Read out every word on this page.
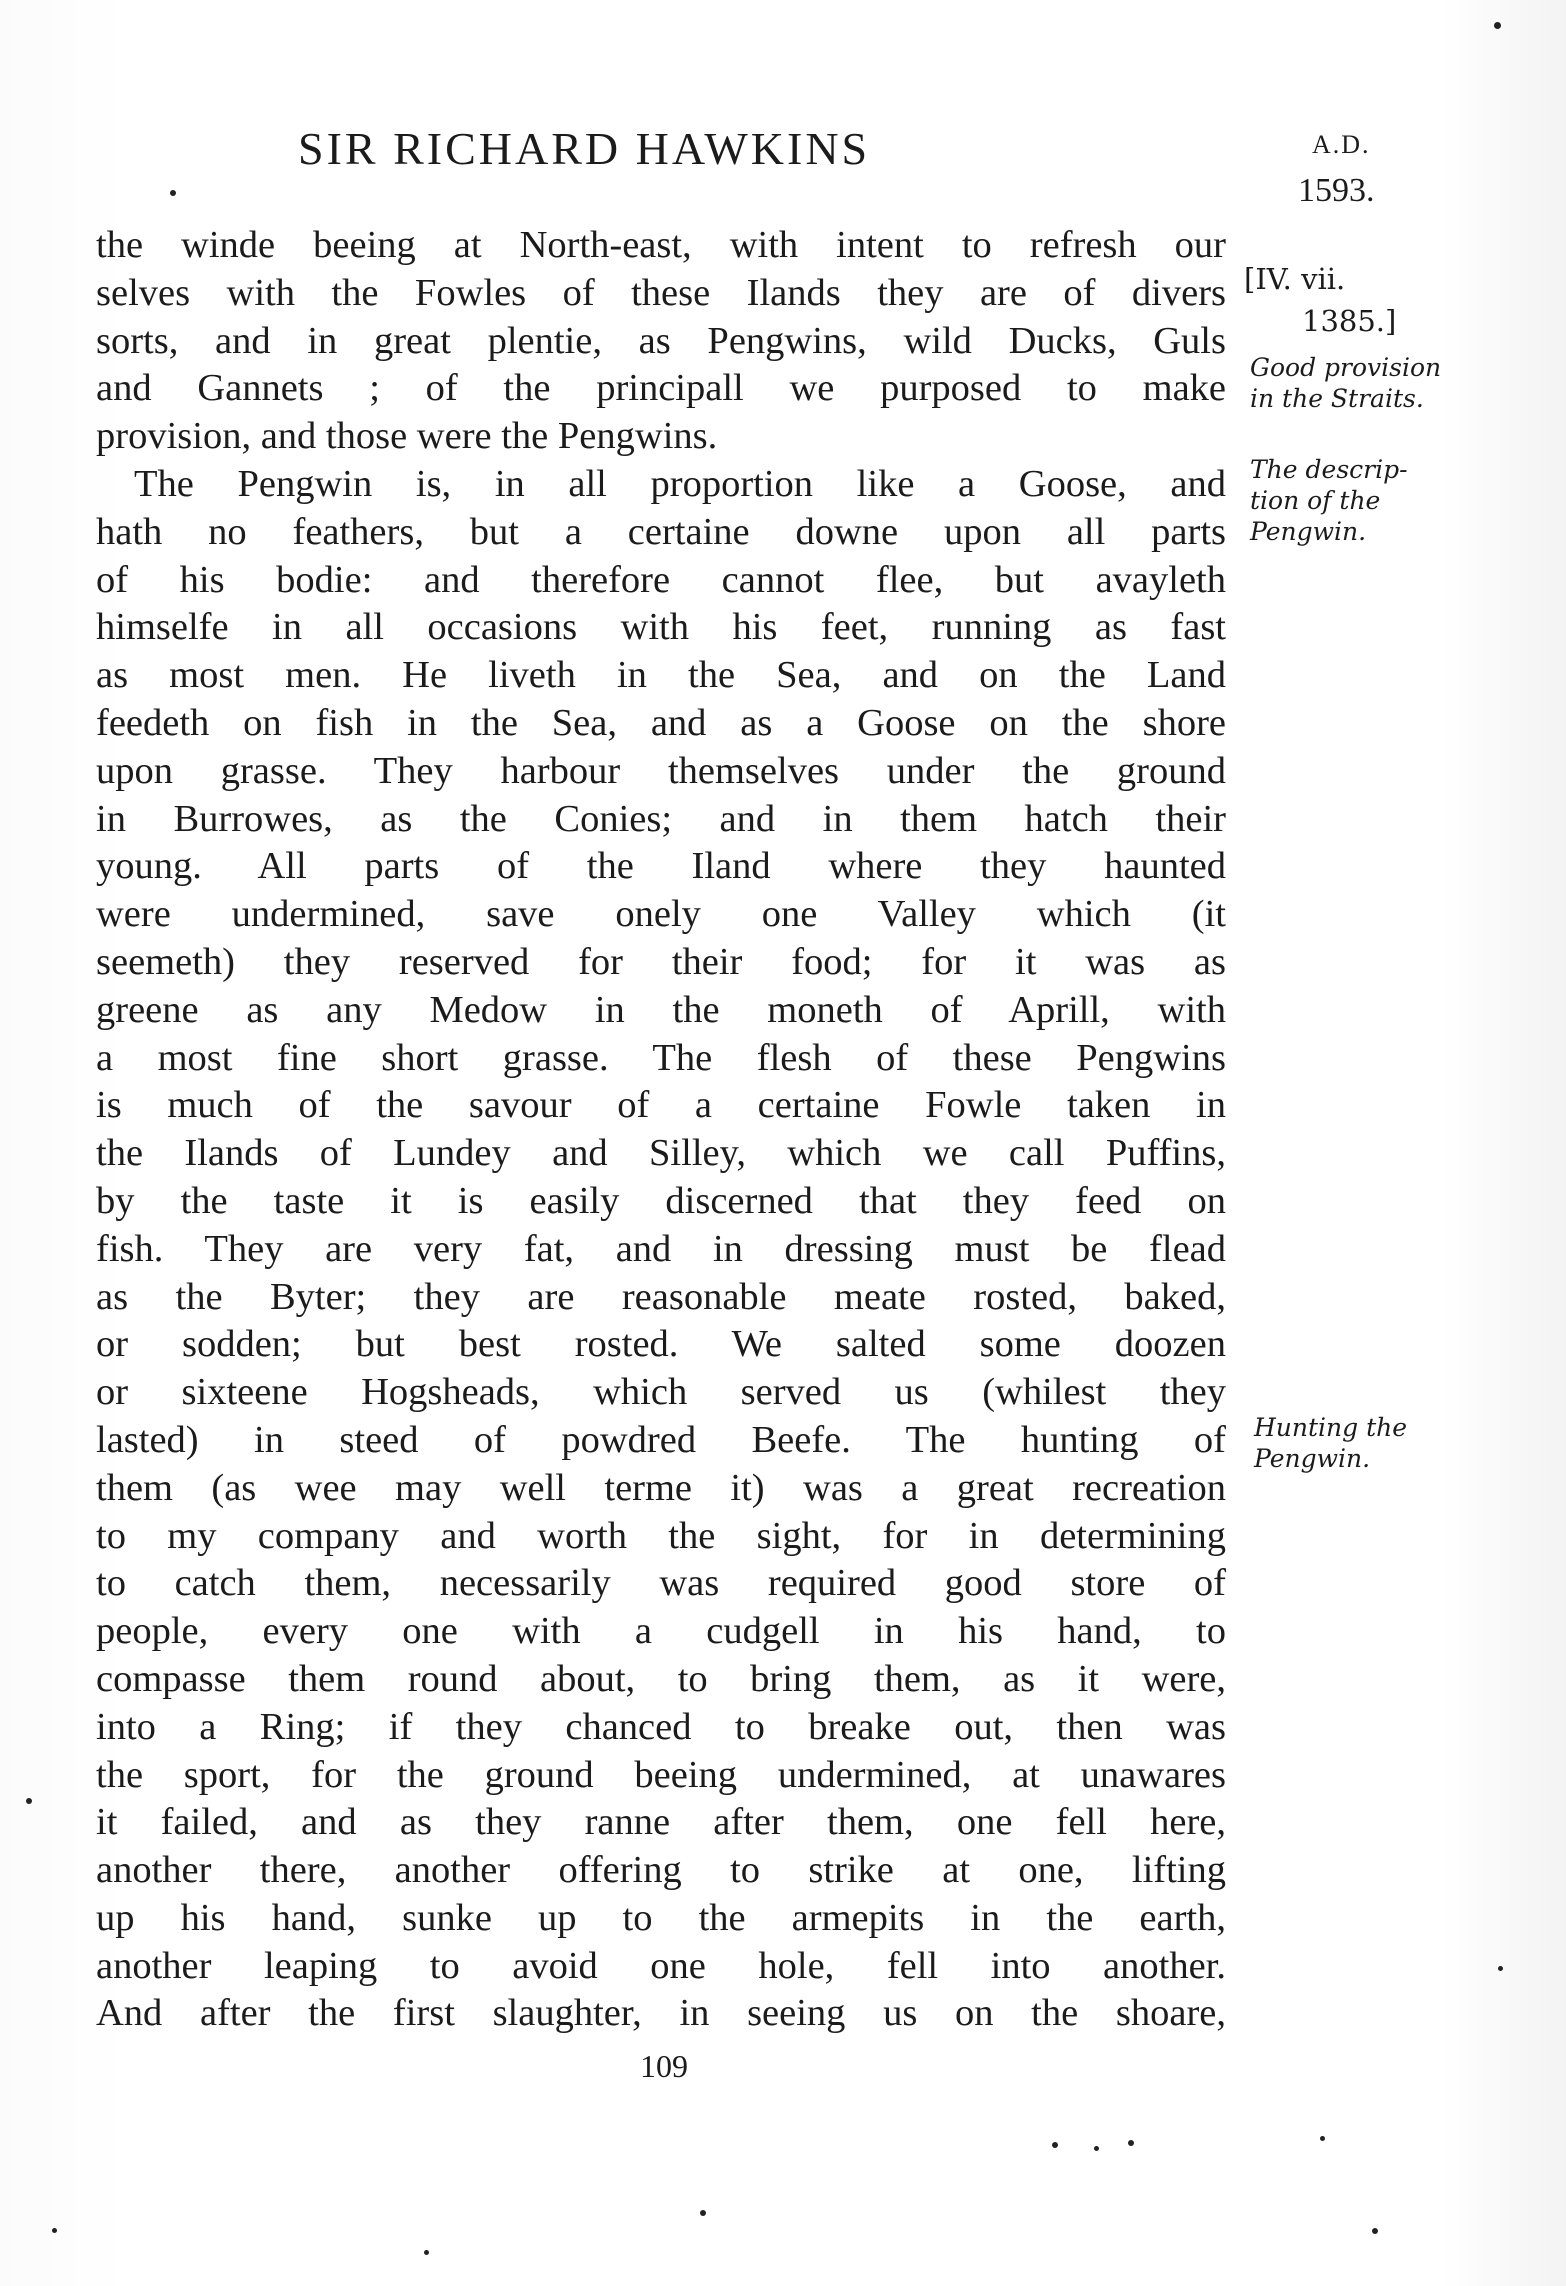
SIR RICHARD HAWKINS	A.D.
1593.
the winde beeing at North-east, with intent to refresh our
selves with the Fowles of these Ilands they are of divers
sorts, and in great plentie, as Pengwins, wild Ducks, Guls
and Gannets ; of the principall we purposed to make
provision, and those were the Pengwins.
The Pengwin is, in all proportion like a Goose, and
hath no feathers, but a certaine downe upon all parts
of his bodie: and therefore cannot flee, but avayleth
himselfe in all occasions with his feet, running as fast
as most men. He liveth in the Sea, and on the Land
feedeth on fish in the Sea, and as a Goose on the shore
upon grasse. They harbour themselves under the ground
in Burrowes, as the Conies; and in them hatch their
young. All parts of the Iland where they haunted
were undermined, save onely one Valley which (it
seemeth) they reserved for their food; for it was as
greene as any Medow in the moneth of Aprill, with
a most fine short grasse. The flesh of these Pengwins
is much of the savour of a certaine Fowle taken in
the Ilands of Lundey and Silley, which we call Puffins,
by the taste it is easily discerned that they feed on
fish. They are very fat, and in dressing must be flead
as the Byter; they are reasonable meate rosted, baked,
or sodden; but best rosted. We salted some doozen
or sixteene Hogsheads, which served us (whilest they
lasted) in steed of powdred Beefe. The hunting of
them (as wee may well terme it) was a great recreation
to my company and worth the sight, for in determining
to catch them, necessarily was required good store of
people, every one with a cudgell in his hand, to
compasse them round about, to bring them, as it were,
into a Ring; if they chanced to breake out, then was
the sport, for the ground beeing undermined, at unawares
it failed, and as they ranne after them, one fell here,
another there, another offering to strike at one, lifting
up his hand, sunke up to the armepits in the earth,
another leaping to avoid one hole, fell into another.
And after the first slaughter, in seeing us on the shoare,
[IV. vii.
1385.]
Good provision
in the Straits.
The descrip-
tion of the
Pengwin.
Hunting the
Pengwin.
109
